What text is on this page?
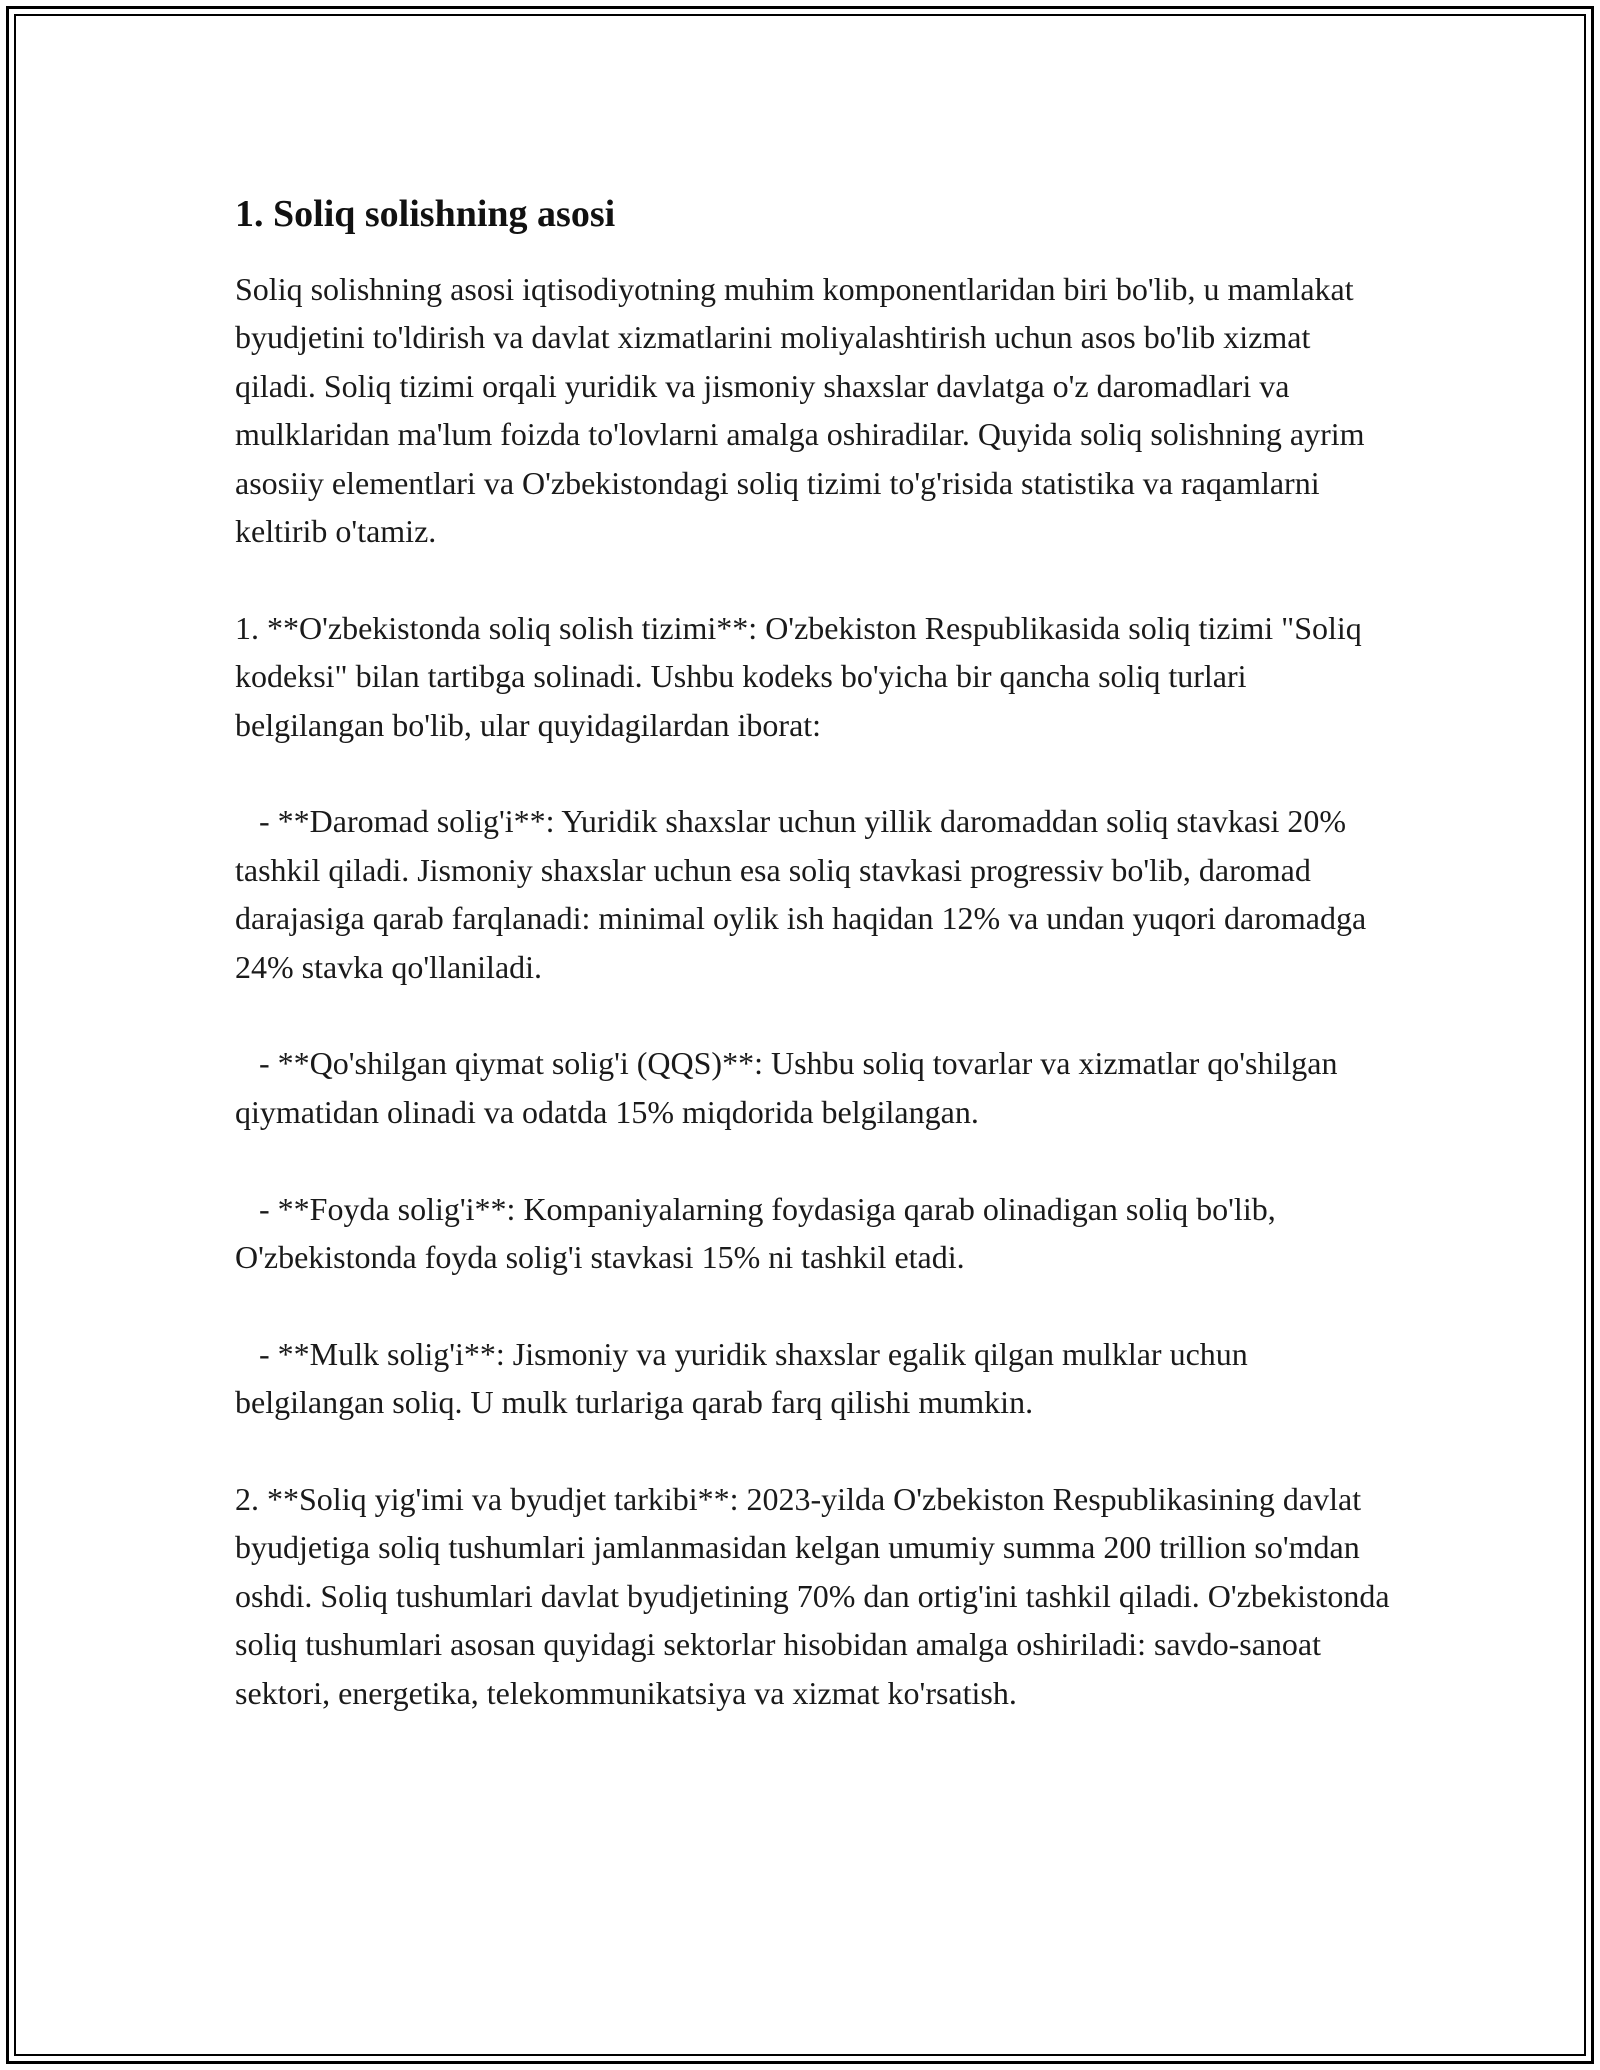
1. Soliq solishning asosi

Soliq solishning asosi iqtisodiyotning muhim komponentlaridan biri bo'lib, u mamlakat byudjetini to'ldirish va davlat xizmatlarini moliyalashtirish uchun asos bo'lib xizmat qiladi. Soliq tizimi orqali yuridik va jismoniy shaxslar davlatga o'z daromadlari va mulklaridan ma'lum foizda to'lovlarni amalga oshiradilar. Quyida soliq solishning ayrim asosiiy elementlari va O'zbekistondagi soliq tizimi to'g'risida statistika va raqamlarni keltirib o'tamiz.

1. **O'zbekistonda soliq solish tizimi**: O'zbekiston Respublikasida soliq tizimi "Soliq kodeksi" bilan tartibga solinadi. Ushbu kodeks bo'yicha bir qancha soliq turlari belgilangan bo'lib, ular quyidagilardan iborat:

- **Daromad solig'i**: Yuridik shaxslar uchun yillik daromaddan soliq stavkasi 20% tashkil qiladi. Jismoniy shaxslar uchun esa soliq stavkasi progressiv bo'lib, daromad darajasiga qarab farqlanadi: minimal oylik ish haqidan 12% va undan yuqori daromadga 24% stavka qo'llaniladi.

- **Qo'shilgan qiymat solig'i (QQS)**: Ushbu soliq tovarlar va xizmatlar qo'shilgan qiymatidan olinadi va odatda 15% miqdorida belgilangan.

- **Foyda solig'i**: Kompaniyalarning foydasiga qarab olinadigan soliq bo'lib, O'zbekistonda foyda solig'i stavkasi 15% ni tashkil etadi.

- **Mulk solig'i**: Jismoniy va yuridik shaxslar egalik qilgan mulklar uchun belgilangan soliq. U mulk turlariga qarab farq qilishi mumkin.

2. **Soliq yig'imi va byudjet tarkibi**: 2023-yilda O'zbekiston Respublikasining davlat byudjetiga soliq tushumlari jamlanmasidan kelgan umumiy summa 200 trillion so'mdan oshdi. Soliq tushumlari davlat byudjetining 70% dan ortig'ini tashkil qiladi. O'zbekistonda soliq tushumlari asosan quyidagi sektorlar hisobidan amalga oshiriladi: savdo-sanoat sektori, energetika, telekommunikatsiya va xizmat ko'rsatish.
